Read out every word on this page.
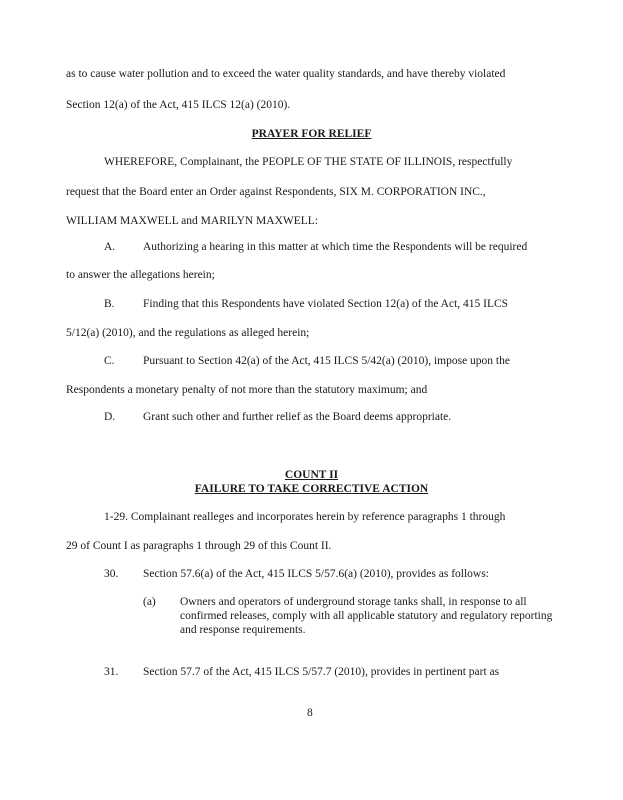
as to cause water pollution and to exceed the water quality standards, and have thereby violated
Section 12(a) of the Act, 415 ILCS 12(a) (2010).
PRAYER FOR RELIEF
WHEREFORE, Complainant, the PEOPLE OF THE STATE OF ILLINOIS, respectfully
request that the Board enter an Order against Respondents, SIX M. CORPORATION INC.,
WILLIAM MAXWELL and MARILYN MAXWELL:
A. Authorizing a hearing in this matter at which time the Respondents will be required
to answer the allegations herein;
B. Finding that this Respondents have violated Section 12(a) of the Act, 415 ILCS
5/12(a) (2010), and the regulations as alleged herein;
C. Pursuant to Section 42(a) of the Act, 415 ILCS 5/42(a) (2010), impose upon the
Respondents a monetary penalty of not more than the statutory maximum; and
D. Grant such other and further relief as the Board deems appropriate.
COUNT II
FAILURE TO TAKE CORRECTIVE ACTION
1-29. Complainant realleges and incorporates herein by reference paragraphs 1 through
29 of Count I as paragraphs 1 through 29 of this Count II.
30. Section 57.6(a) of the Act, 415 ILCS 5/57.6(a) (2010), provides as follows:
(a) Owners and operators of underground storage tanks shall, in response to all confirmed releases, comply with all applicable statutory and regulatory reporting and response requirements.
31. Section 57.7 of the Act, 415 ILCS 5/57.7 (2010), provides in pertinent part as
8
